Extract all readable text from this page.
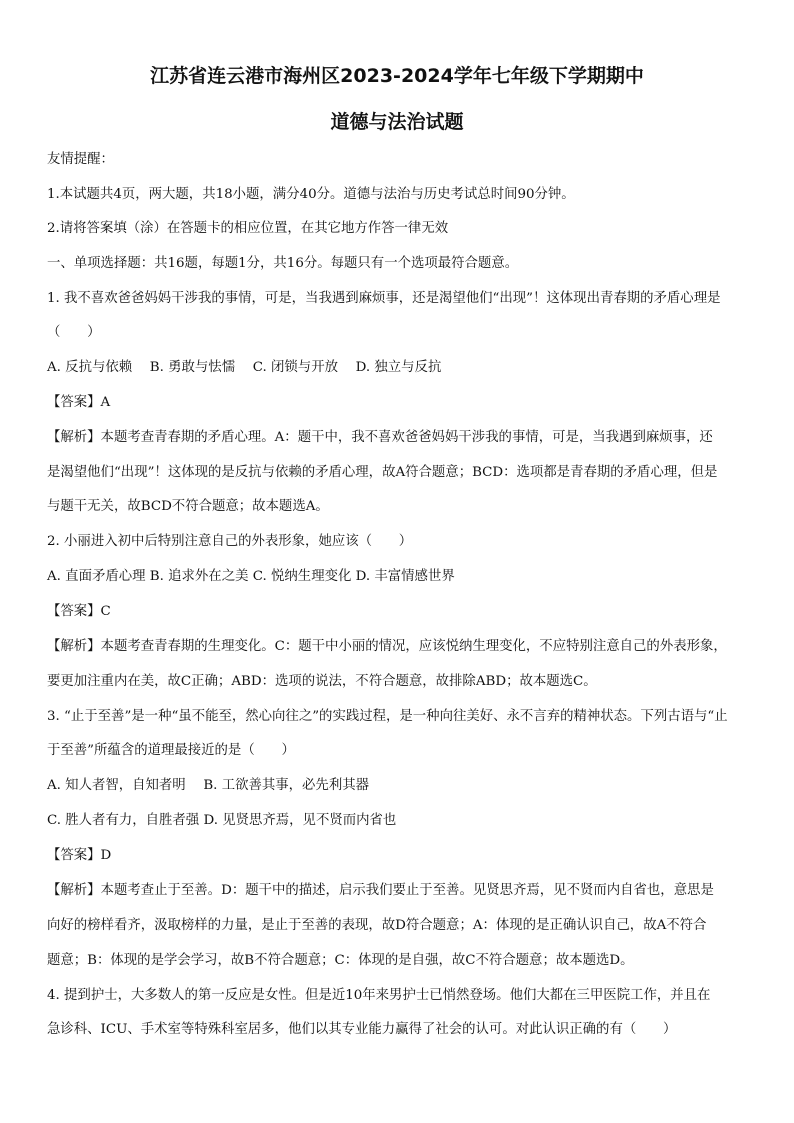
江苏省连云港市海州区2023-2024学年七年级下学期期中
道德与法治试题
友情提醒：
1.本试题共4页，两大题，共18小题，满分40分。道德与法治与历史考试总时间90分钟。
2.请将答案填（涂）在答题卡的相应位置，在其它地方作答一律无效
一、单项选择题：共16题，每题1分，共16分。每题只有一个选项最符合题意。
1. 我不喜欢爸爸妈妈干涉我的事情，可是，当我遇到麻烦事，还是渴望他们“出现”！这体现出青春期的矛盾心理是
（　　）
A. 反抗与依赖　 B. 勇敢与怯懦　 C. 闭锁与开放　 D. 独立与反抗
【答案】A
【解析】本题考查青春期的矛盾心理。A：题干中，我不喜欢爸爸妈妈干涉我的事情，可是，当我遇到麻烦事，还
是渴望他们“出现”！这体现的是反抗与依赖的矛盾心理，故A符合题意；BCD：选项都是青春期的矛盾心理，但是
与题干无关，故BCD不符合题意；故本题选A。
2. 小丽进入初中后特别注意自己的外表形象，她应该（　　）
A. 直面矛盾心理 B. 追求外在之美 C. 悦纳生理变化 D. 丰富情感世界
【答案】C
【解析】本题考查青春期的生理变化。C：题干中小丽的情况，应该悦纳生理变化，不应特别注意自己的外表形象，
要更加注重内在美，故C正确；ABD：选项的说法，不符合题意，故排除ABD；故本题选C。
3. “止于至善”是一种“虽不能至，然心向往之”的实践过程，是一种向往美好、永不言弃的精神状态。下列古语与“止
于至善”所蕴含的道理最接近的是（　　）
A. 知人者智，自知者明　 B. 工欲善其事，必先利其器
C. 胜人者有力，自胜者强 D. 见贤思齐焉，见不贤而内省也
【答案】D
【解析】本题考查止于至善。D：题干中的描述，启示我们要止于至善。见贤思齐焉，见不贤而内自省也，意思是
向好的榜样看齐，汲取榜样的力量，是止于至善的表现，故D符合题意；A：体现的是正确认识自己，故A不符合
题意；B：体现的是学会学习，故B不符合题意；C：体现的是自强，故C不符合题意；故本题选D。
4. 提到护士，大多数人的第一反应是女性。但是近10年来男护士已悄然登场。他们大都在三甲医院工作，并且在
急诊科、ICU、手术室等特殊科室居多，他们以其专业能力赢得了社会的认可。对此认识正确的有（　　）
